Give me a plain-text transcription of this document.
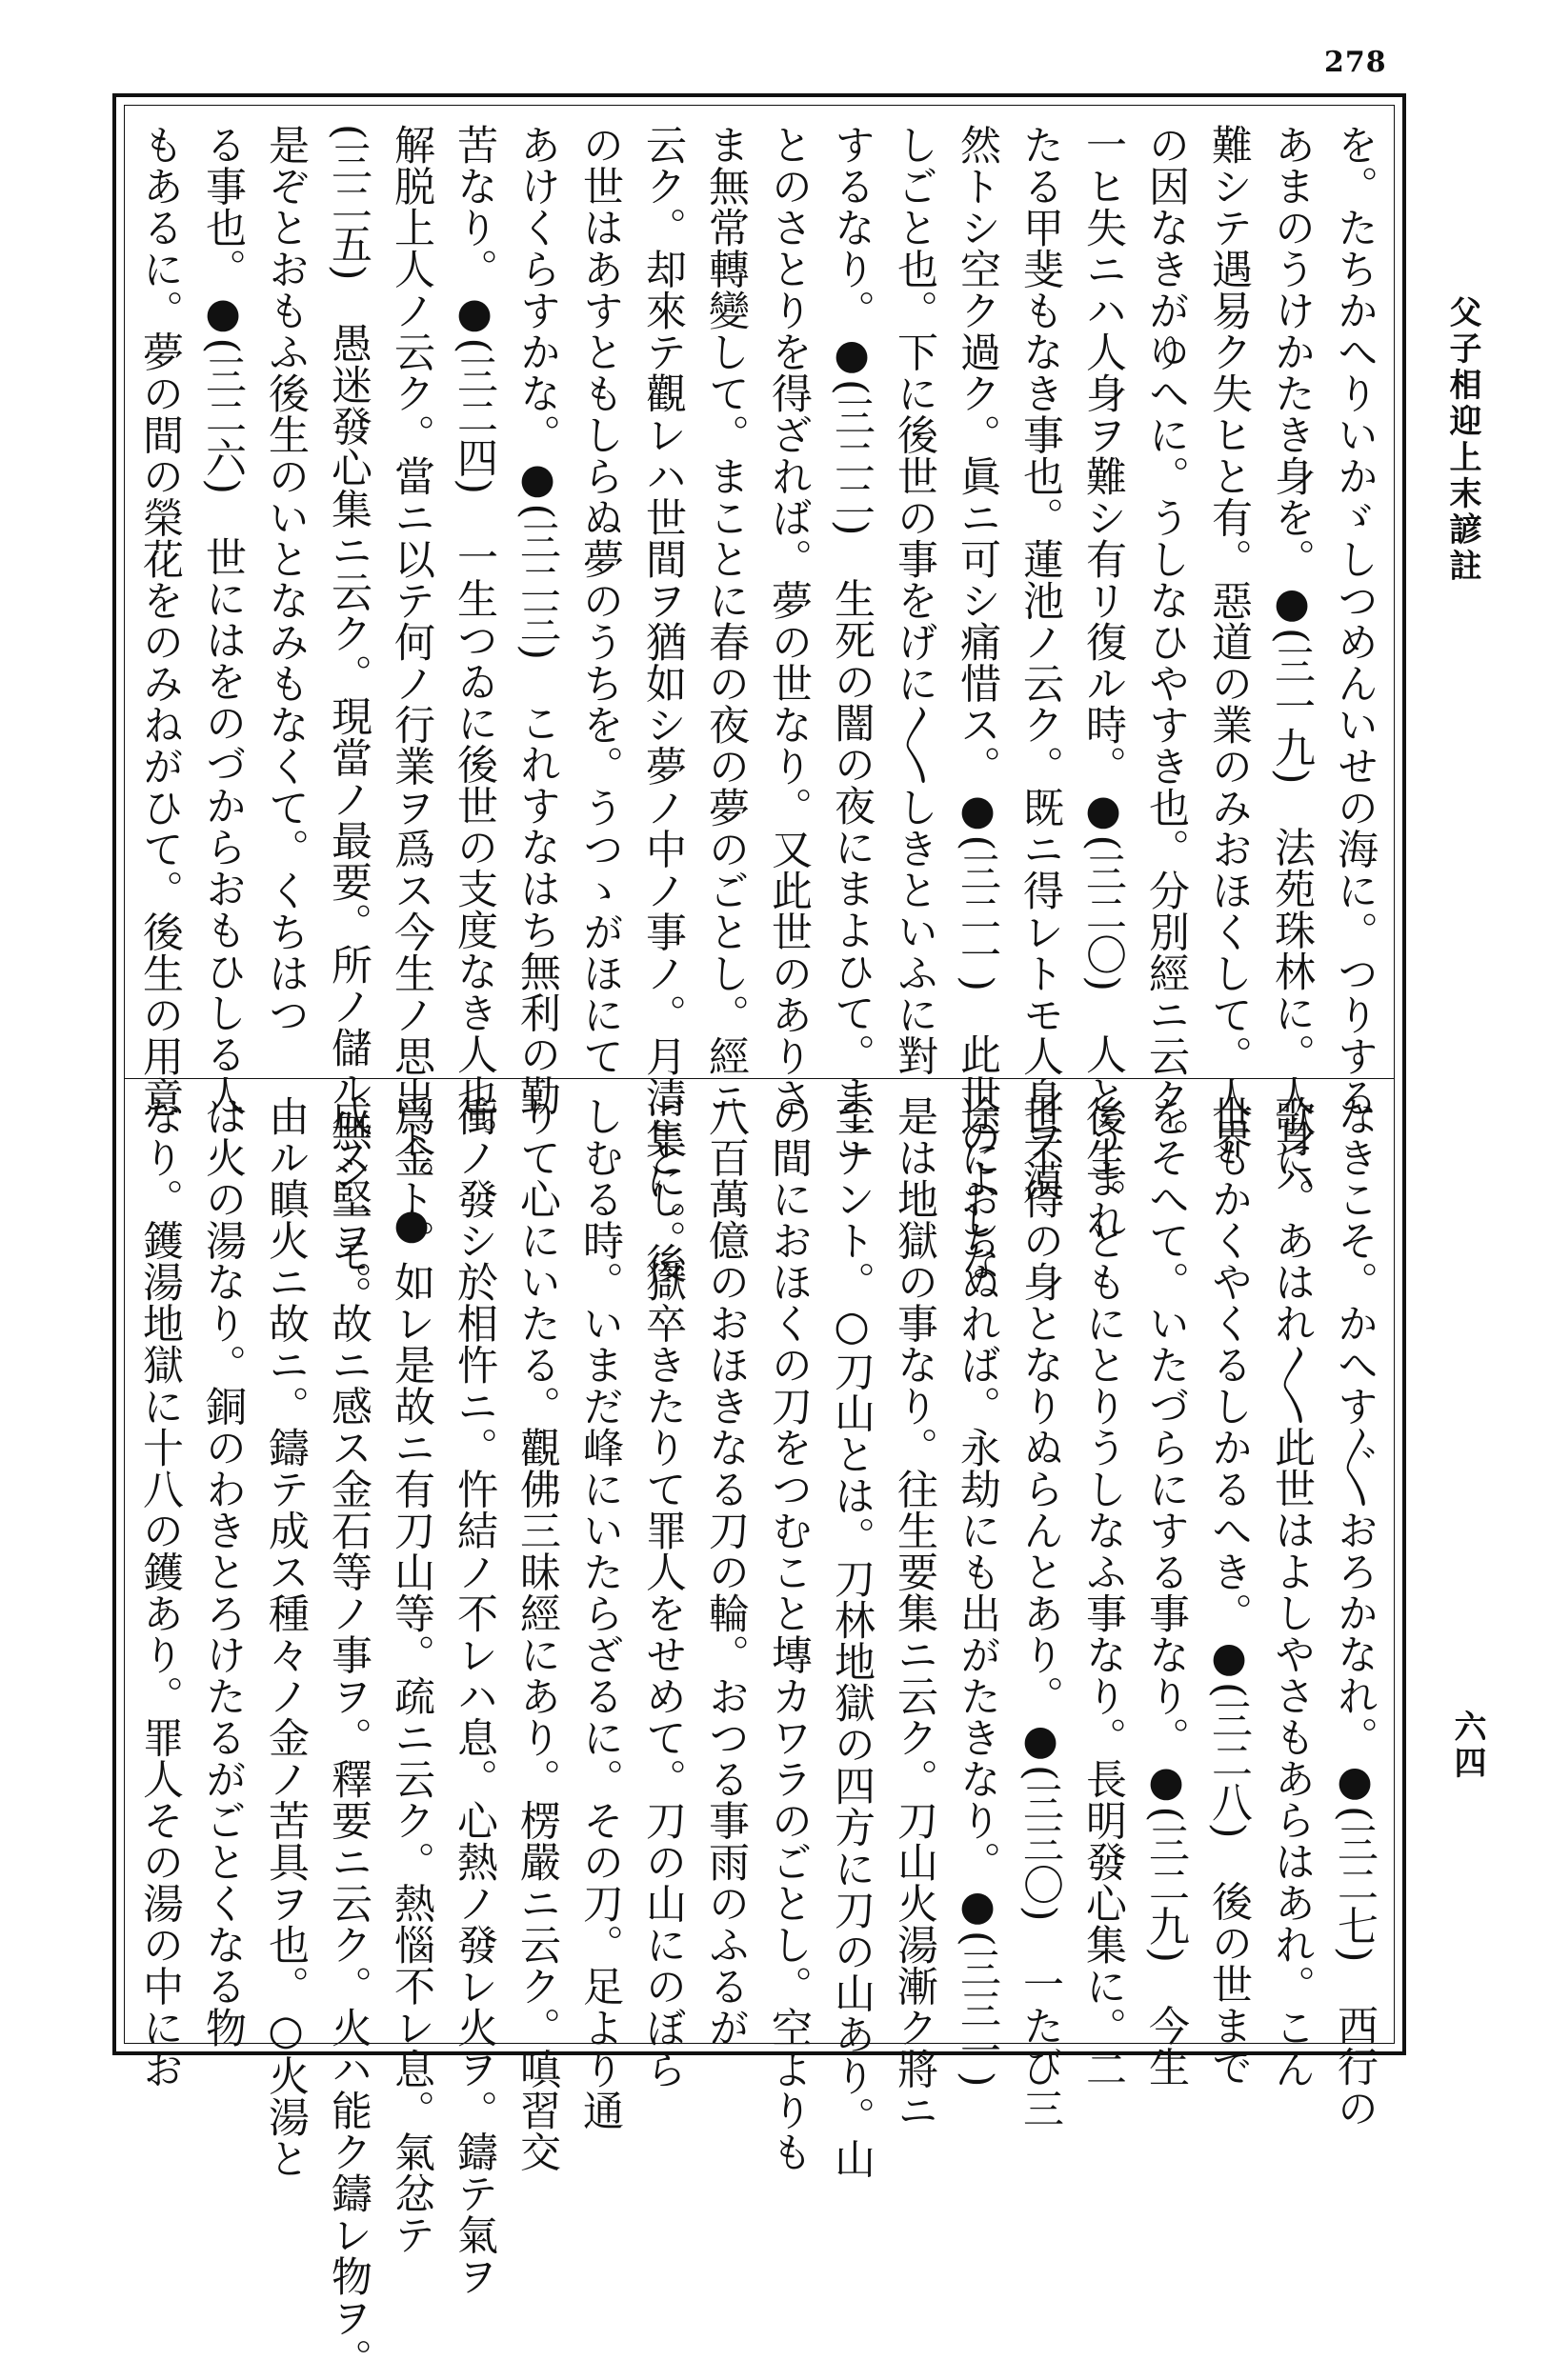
278
父子相迎上末諺註
六四
を。たちかへりいかゞしつめんいせの海に。つりする
あまのうけかたき身を。●(三一九)　法苑珠林に。人身ハ
難シテ遇易ク失ヒと有。惡道の業のみおほくして。人界
の因なきがゆへに。うしなひやすき也。分別經ニ云ク。
一ヒ失ニハ人身ヲ難シ有リ復ル時。●(三二〇)　人とうまれ
たる甲斐もなき事也。蓮池ノ云ク。既ニ得レトモ人身ヲ漠
然トシ空ク過ク。眞ニ可シ痛惜ス。●(三二一)　此世のよしな
しごと也。下に後世の事をげに〳〵しきといふに對
するなり。●(三二二)　生死の闇の夜にまよひて。まこ
とのさとりを得ざれば。夢の世なり。又此世のありさ
ま無常轉變して。まことに春の夜の夢のごとし。經ニ
云ク。却來テ觀レハ世間ヲ猶如シ夢ノ中ノ事ノ。月清集に。後
の世はあすともしらぬ夢のうちを。うつゝがほにて
あけくらすかな。●(三二三)　これすなはち無利の勤
苦なり。●(三二四)　一生つゐに後世の支度なき人也。
解脱上人ノ云ク。當ニ以テ何ノ行業ヲ爲ス今生ノ思出ト。●
(三二五)　愚迷發心集ニ云ク。現當ノ最要。所ノ儲ル無シ一モ。
是ぞとおもふ後生のいとなみもなくて。くちはつ
る事也。●(三二六)　世にはをのづからおもひしる人
もあるに。夢の間の榮花をのみねがひて。後生の用意
なきこそ。かへす〴〵おろかなれ。●(三二七)　西行の
歌に。あはれ〳〵此世はよしやさもあらはあれ。こん
世もかくやくるしかるへき。●(三二八)　後の世まで
をそへて。いたづらにする事なり。●(三二九)　今生
後生。ともにとりうしなふ事なり。長明發心集に。二
世不得の身となりぬらんとあり。●(三三〇)　一たび三
途におちぬれば。永劫にも出がたきなり。●(三三一)
是は地獄の事なり。往生要集ニ云ク。刀山火湯漸ク將ニ
至ナント。○刀山とは。刀林地獄の四方に刀の山あり。山
の間におほくの刀をつむこと塼カワラのごとし。空よりも
八百萬億のおほきなる刀の輪。おつる事雨のふるが
ごとし。獄卒きたりて罪人をせめて。刀の山にのぼら
しむる時。いまだ峰にいたらざるに。その刀。足より通
りて心にいたる。觀佛三昧經にあり。楞嚴ニ云ク。嗔習交
衝ノ發シ於相忤ニ。忤結ノ不レハ息。心熱ノ發レ火ヲ。鑄テ氣ヲ
爲金ト。如レ是故ニ有刀山等。疏ニ云ク。熱惱不レ息。氣忿テ
成ス堅ヲ。故ニ感ス金石等ノ事ヲ。釋要ニ云ク。火ハ能ク鑄レ物ヲ。
由ル瞋火ニ故ニ。鑄テ成ス種々ノ金ノ苦具ヲ也。○火湯と
は火の湯なり。銅のわきとろけたるがごとくなる物
なり。鑊湯地獄に十八の鑊あり。罪人その湯の中にお
